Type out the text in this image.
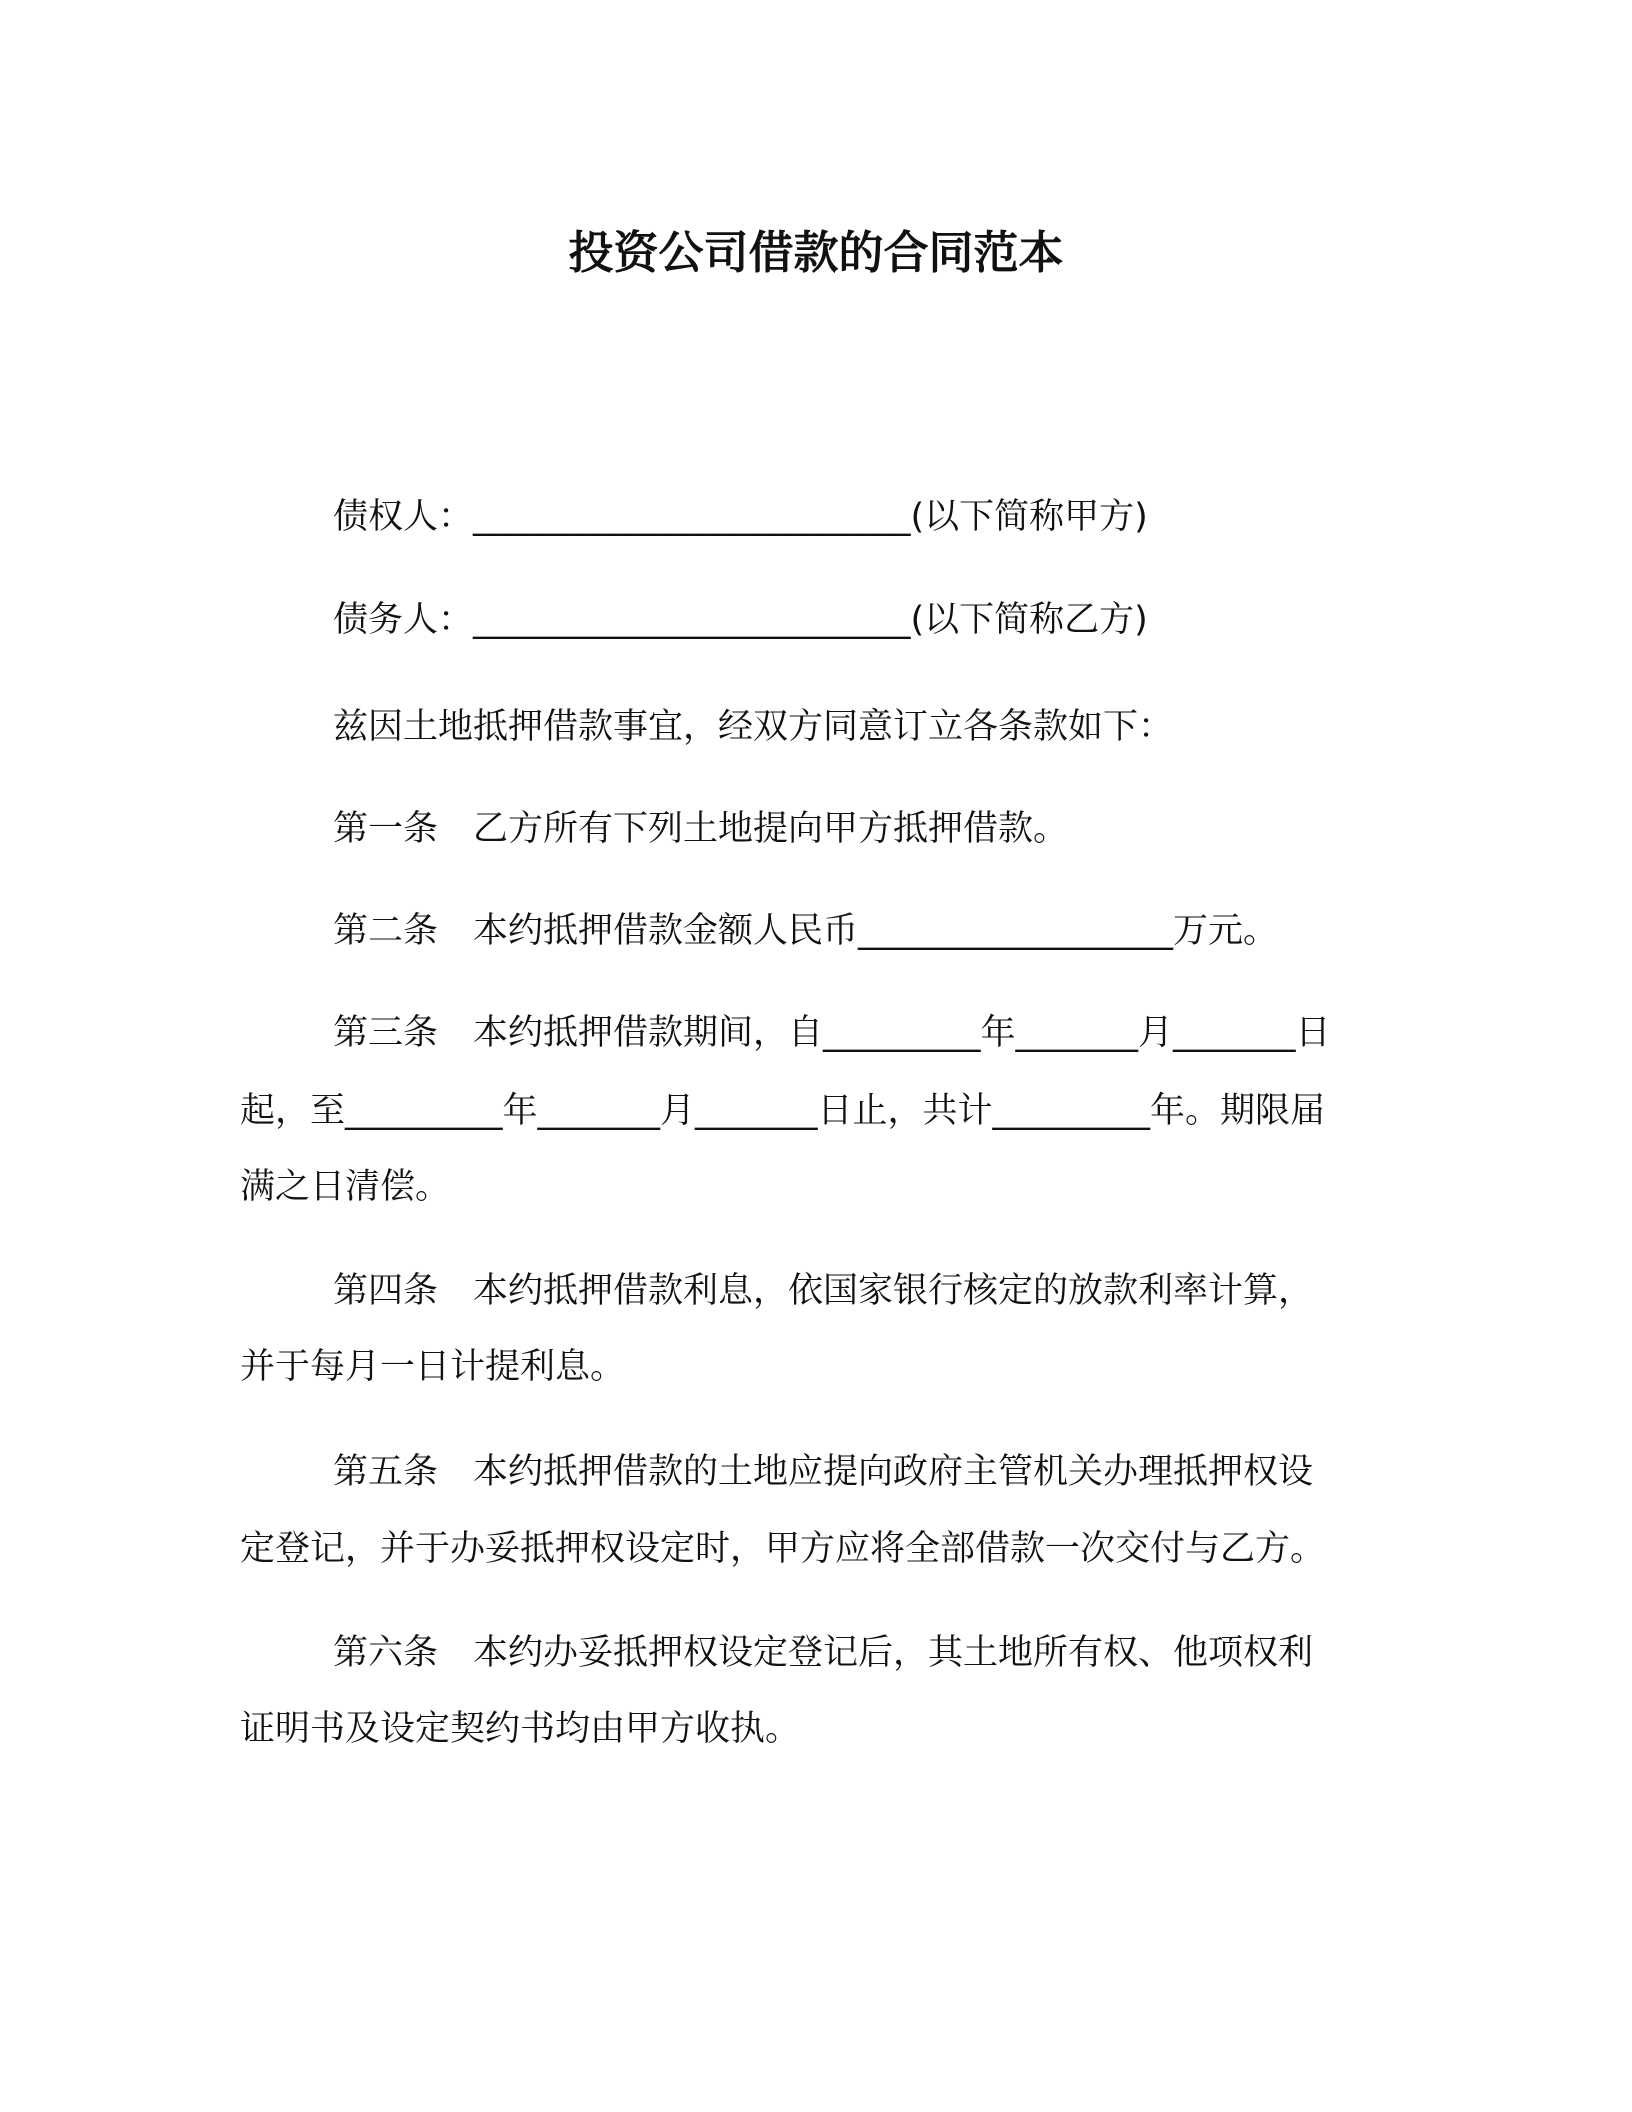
投资公司借款的合同范本
债权人：_________________________(以下简称甲方)
债务人：_________________________(以下简称乙方)
兹因土地抵押借款事宜，经双方同意订立各条款如下：
第一条　乙方所有下列土地提向甲方抵押借款。
第二条　本约抵押借款金额人民币__________________万元。
第三条　本约抵押借款期间，自_________年_______月_______日
起，至_________年_______月_______日止，共计_________年。期限届
满之日清偿。
第四条　本约抵押借款利息，依国家银行核定的放款利率计算，
并于每月一日计提利息。
第五条　本约抵押借款的土地应提向政府主管机关办理抵押权设
定登记，并于办妥抵押权设定时，甲方应将全部借款一次交付与乙方。
第六条　本约办妥抵押权设定登记后，其土地所有权、他项权利
证明书及设定契约书均由甲方收执。
